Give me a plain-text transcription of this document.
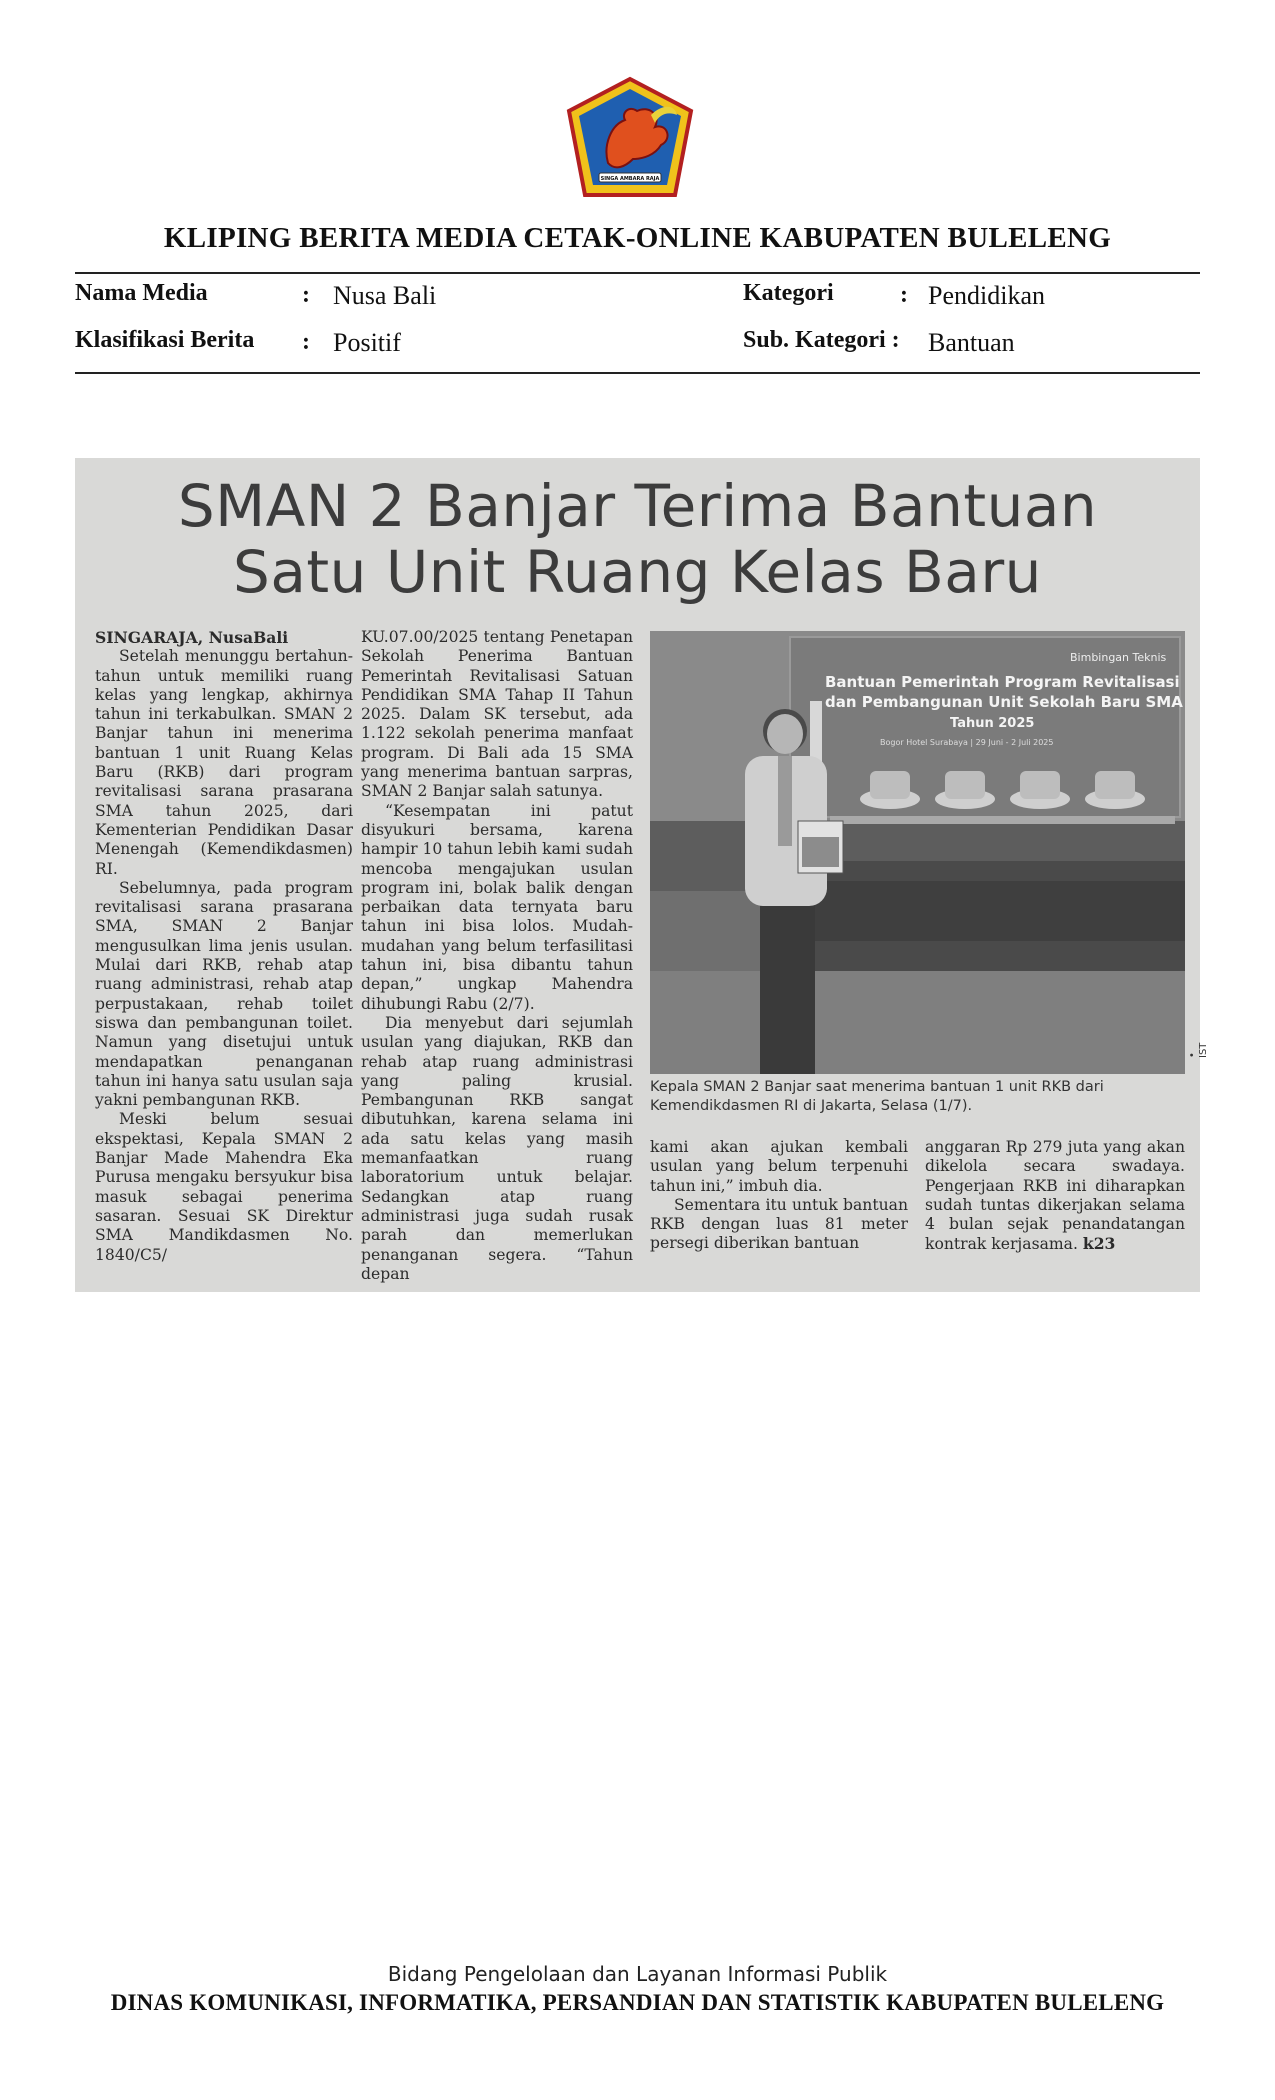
SINGA AMBARA RAJA
KLIPING BERITA MEDIA CETAK-ONLINE KABUPATEN BULELENG
Nama Media	: Nusa Bali
Klasifikasi Berita : Positif
Kategori	: Pendidikan
Sub. Kategori : Bantuan
SMAN 2 Banjar Terima Bantuan
Satu Unit Ruang Kelas Baru

SINGARAJA, NusaBali

Setelah menunggu bertahun-tahun untuk memiliki ruang kelas yang lengkap, akhirnya tahun ini terkabulkan. SMAN 2 Banjar tahun ini menerima bantuan 1 unit Ruang Kelas Baru (RKB) dari program revitalisasi sarana prasarana SMA tahun 2025, dari Kementerian Pendidikan Dasar Menengah (Kemendikdasmen) RI.

Sebelumnya, pada program revitalisasi sarana prasarana SMA, SMAN 2 Banjar mengusulkan lima jenis usulan. Mulai dari RKB, rehab atap ruang administrasi, rehab atap perpustakaan, rehab toilet siswa dan pembangunan toilet. Namun yang disetujui untuk mendapatkan penanganan tahun ini hanya satu usulan saja yakni pembangunan RKB.

Meski belum sesuai ekspektasi, Kepala SMAN 2 Banjar Made Mahendra Eka Purusa mengaku bersyukur bisa masuk sebagai penerima sasaran. Sesuai SK Direktur SMA Mandikdasmen No. 1840/C5/

KU.07.00/2025 tentang Penetapan Sekolah Penerima Bantuan Pemerintah Revitalisasi Satuan Pendidikan SMA Tahap II Tahun 2025. Dalam SK tersebut, ada 1.122 sekolah penerima manfaat program. Di Bali ada 15 SMA yang menerima bantuan sarpras, SMAN 2 Banjar salah satunya.

“Kesempatan ini patut disyukuri bersama, karena hampir 10 tahun lebih kami sudah mencoba mengajukan usulan program ini, bolak balik dengan perbaikan data ternyata baru tahun ini bisa lolos. Mudah-mudahan yang belum terfasilitasi tahun ini, bisa dibantu tahun depan,” ungkap Mahendra dihubungi Rabu (2/7).

Dia menyebut dari sejumlah usulan yang diajukan, RKB dan rehab atap ruang administrasi yang paling krusial. Pembangunan RKB sangat dibutuhkan, karena selama ini ada satu kelas yang masih memanfaatkan ruang laboratorium untuk belajar. Sedangkan atap ruang administrasi juga sudah rusak parah dan memerlukan penanganan segera. “Tahun depan

Bimbingan Teknis
Bantuan Pemerintah Program Revitalisasi
dan Pembangunan Unit Sekolah Baru SMA
Tahun 2025
Bogor Hotel Surabaya | 29 Juni - 2 Juli 2025
• IST
Kepala SMAN 2 Banjar saat menerima bantuan 1 unit RKB dari Kemendikdasmen RI di Jakarta, Selasa (1/7).

kami akan ajukan kembali usulan yang belum terpenuhi tahun ini,” imbuh dia.

Sementara itu untuk bantuan RKB dengan luas 81 meter persegi diberikan bantuan

anggaran Rp 279 juta yang akan dikelola secara swadaya. Pengerjaan RKB ini diharapkan sudah tuntas dikerjakan selama 4 bulan sejak penandatangan kontrak kerjasama. k23

Bidang Pengelolaan dan Layanan Informasi Publik
DINAS KOMUNIKASI, INFORMATIKA, PERSANDIAN DAN STATISTIK KABUPATEN BULELENG
